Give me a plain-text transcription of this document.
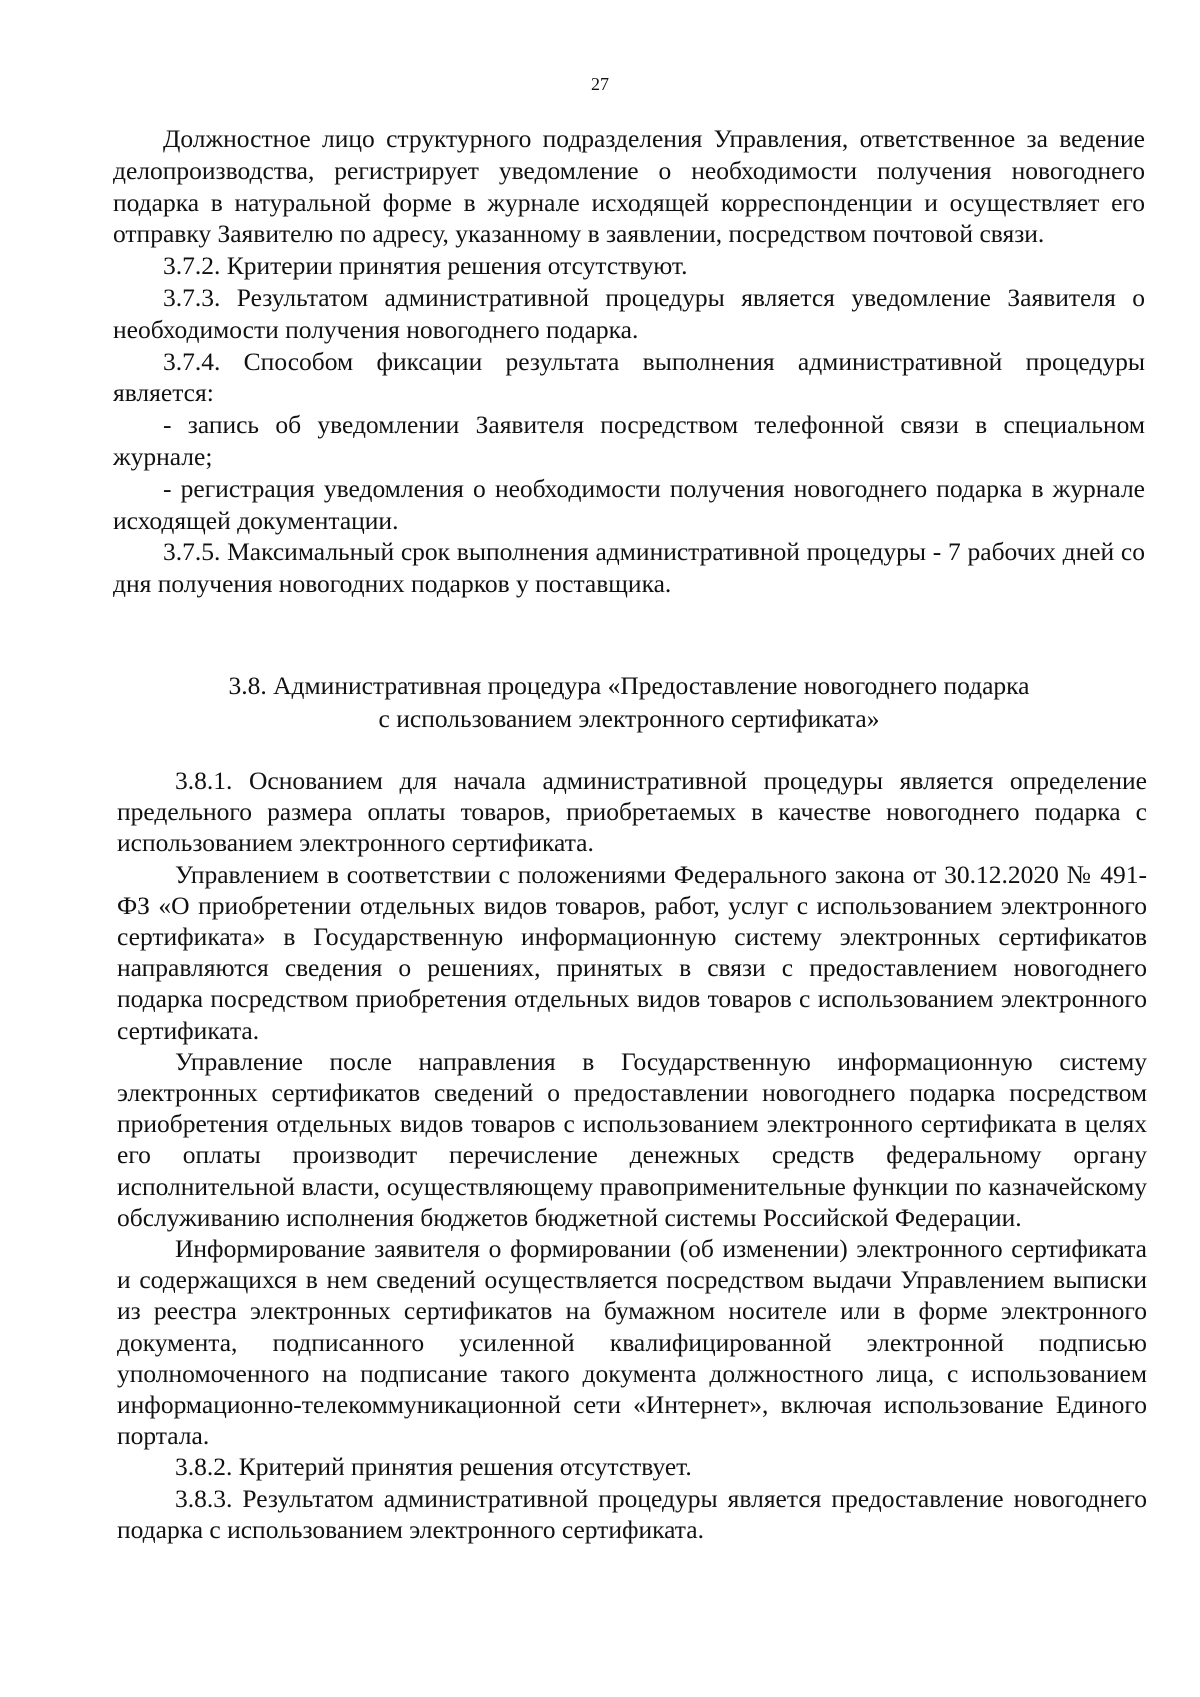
27

Должностное лицо структурного подразделения Управления, ответственное за ведение делопроизводства, регистрирует уведомление о необходимости получения новогоднего подарка в натуральной форме в журнале исходящей корреспонденции и осуществляет его отправку Заявителю по адресу, указанному в заявлении, посредством почтовой связи.

3.7.2. Критерии принятия решения отсутствуют.

3.7.3. Результатом административной процедуры является уведомление Заявителя о необходимости получения новогоднего подарка.

3.7.4. Способом фиксации результата выполнения административной процедуры является:

- запись об уведомлении Заявителя посредством телефонной связи в специальном журнале;

- регистрация уведомления о необходимости получения новогоднего подарка в журнале исходящей документации.

3.7.5. Максимальный срок выполнения административной процедуры - 7 рабочих дней со дня получения новогодних подарков у поставщика.

3.8. Административная процедура «Предоставление новогоднего подарка
с использованием электронного сертификата»

3.8.1. Основанием для начала административной процедуры является определение предельного размера оплаты товаров, приобретаемых в качестве новогоднего подарка с использованием электронного сертификата.

Управлением в соответствии с положениями Федерального закона от 30.12.2020 № 491-ФЗ «О приобретении отдельных видов товаров, работ, услуг с использованием электронного сертификата» в Государственную информационную систему электронных сертификатов направляются сведения о решениях, принятых в связи с предоставлением новогоднего подарка посредством приобретения отдельных видов товаров с использованием электронного сертификата.

Управление после направления в Государственную информационную систему электронных сертификатов сведений о предоставлении новогоднего подарка посредством приобретения отдельных видов товаров с использованием электронного сертификата в целях его оплаты производит перечисление денежных средств федеральному органу исполнительной власти, осуществляющему правоприменительные функции по казначейскому обслуживанию исполнения бюджетов бюджетной системы Российской Федерации.

Информирование заявителя о формировании (об изменении) электронного сертификата и содержащихся в нем сведений осуществляется посредством выдачи Управлением выписки из реестра электронных сертификатов на бумажном носителе или в форме электронного документа, подписанного усиленной квалифицированной электронной подписью уполномоченного на подписание такого документа должностного лица, с использованием информационно-телекоммуникационной сети «Интернет», включая использование Единого портала.

3.8.2. Критерий принятия решения отсутствует.

3.8.3. Результатом административной процедуры является предоставление новогоднего подарка с использованием электронного сертификата.
